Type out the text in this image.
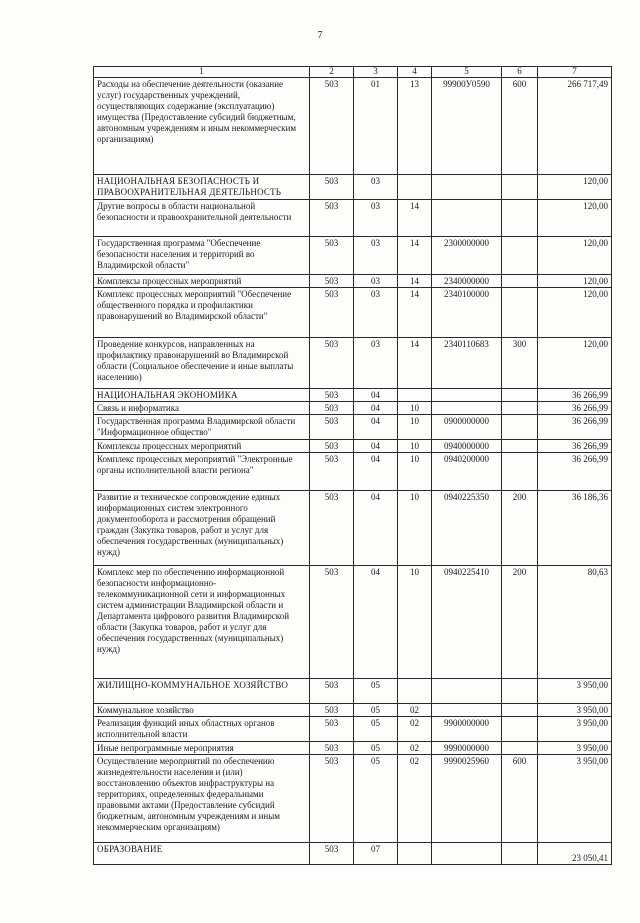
7
1	2	3	4	5	6	7
Расходы на обеспечение деятельности (оказание услуг) государственных учреждений, осуществляющих содержание (эксплуатацию) имущества (Предоставление субсидий бюджетным, автономным учреждениям и иным некоммерческим организациям)	503	01	13	99900У0590	600	266 717,49
НАЦИОНАЛЬНАЯ БЕЗОПАСНОСТЬ И ПРАВООХРАНИТЕЛЬНАЯ ДЕЯТЕЛЬНОСТЬ	503	03				120,00
Другие вопросы в области национальной безопасности и правоохранительной деятельности	503	03	14			120,00
Государственная программа "Обеспечение безопасности населения и территорий во Владимирской области"	503	03	14	2300000000		120,00
Комплексы процессных мероприятий	503	03	14	2340000000		120,00
Комплекс процессных мероприятий "Обеспечение общественного порядка и профилактики правонарушений во Владимирской области"	503	03	14	2340100000		120,00
Проведение конкурсов, направленных на профилактику правонарушений во Владимирской области (Социальное обеспечение и иные выплаты населению)	503	03	14	2340110683	300	120,00
НАЦИОНАЛЬНАЯ ЭКОНОМИКА	503	04				36 266,99
Связь и информатика	503	04	10			36 266,99
Государственная программа Владимирской области "Информационное общество"	503	04	10	0900000000		36 266,99
Комплексы процессных мероприятий	503	04	10	0940000000		36 266,99
Комплекс процессных мероприятий "Электронные органы исполнительной власти региона"	503	04	10	0940200000		36 266,99
Развитие и техническое сопровождение единых информационных систем электронного документооборота и рассмотрения обращений граждан (Закупка товаров, работ и услуг для обеспечения государственных (муниципальных) нужд)	503	04	10	0940225350	200	36 186,36
Комплекс мер по обеспечению информационной безопасности информационно-телекоммуникационной сети и информационных систем администрации Владимирской области и Департамента цифрового развития Владимирской области (Закупка товаров, работ и услуг для обеспечения государственных (муниципальных) нужд)	503	04	10	0940225410	200	80,63
ЖИЛИЩНО-КОММУНАЛЬНОЕ ХОЗЯЙСТВО	503	05				3 950,00
Коммунальное хозяйство	503	05	02			3 950,00
Реализация функций иных областных органов исполнительной власти	503	05	02	9900000000		3 950,00
Иные непрограммные мероприятия	503	05	02	9990000000		3 950,00
Осуществление мероприятий по обеспечению жизнедеятельности населения и (или) восстановлению объектов инфраструктуры на территориях, определенных федеральными правовыми актами (Предоставление субсидий бюджетным, автономным учреждениям и иным некоммерческим организациям)	503	05	02	9990025960	600	3 950,00
ОБРАЗОВАНИЕ	503	07				23 050,41
